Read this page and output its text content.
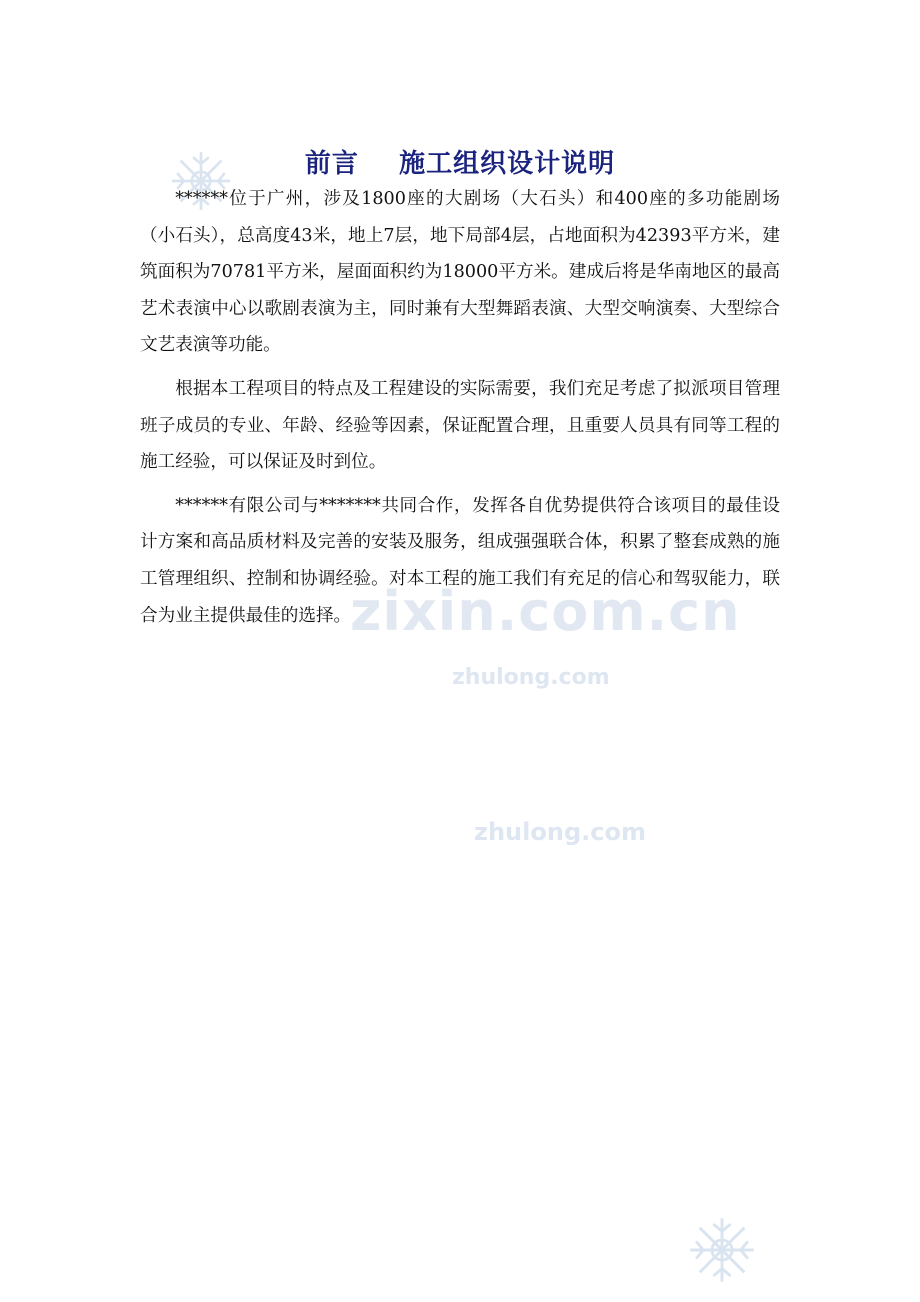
前言    施工组织设计说明

******位于广州，涉及1800座的大剧场（大石头）和400座的多功能剧场（小石头），总高度43米，地上7层，地下局部4层，占地面积为42393平方米，建筑面积为70781平方米，屋面面积约为18000平方米。建成后将是华南地区的最高艺术表演中心以歌剧表演为主，同时兼有大型舞蹈表演、大型交响演奏、大型综合文艺表演等功能。

根据本工程项目的特点及工程建设的实际需要，我们充足考虑了拟派项目管理班子成员的专业、年龄、经验等因素，保证配置合理，且重要人员具有同等工程的施工经验，可以保证及时到位。

******有限公司与*******共同合作，发挥各自优势提供符合该项目的最佳设计方案和高品质材料及完善的安装及服务，组成强强联合体，积累了整套成熟的施工管理组织、控制和协调经验。对本工程的施工我们有充足的信心和驾驭能力，联合为业主提供最佳的选择。

zixin.com.cn
zhulong.com
zhulong.com
